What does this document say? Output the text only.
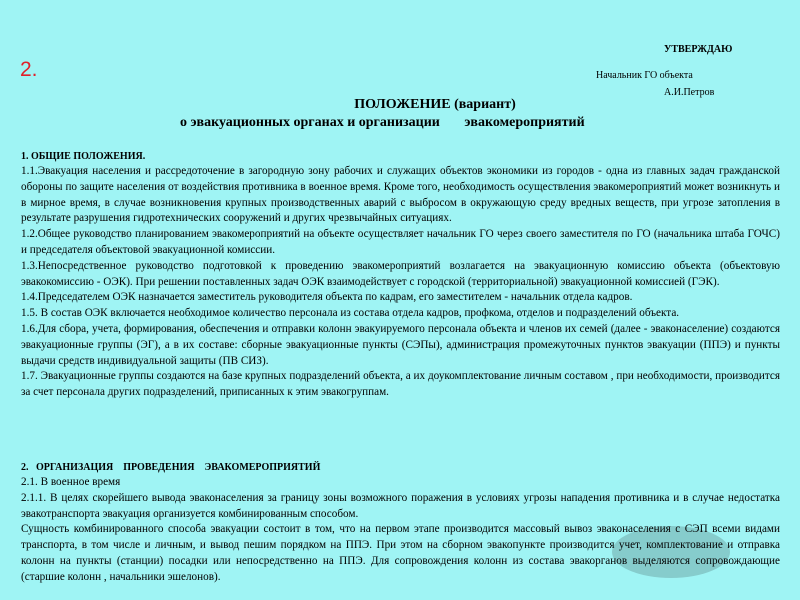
УТВЕРЖДАЮ
2.	Начальник ГО объекта
А.И.Петров
ПОЛОЖЕНИЕ (вариант)
о эвакуационных органах и организации       эвакомероприятий
1. ОБЩИЕ ПОЛОЖЕНИЯ.

1.1.Эвакуация населения и рассредоточение в загородную зону рабочих и служащих объектов экономики из городов - одна из главных задач гражданской обороны по защите населения от воздействия противника в военное время. Кроме того, необходимость осуществления эвакомероприятий может возникнуть и в мирное время, в случае возникновения крупных производственных аварий с выбросом в окружающую среду вредных веществ, при угрозе затопления в результате разрушения гидротехнических сооружений и других чрезвычайных ситуациях.

1.2.Общее руководство планированием эвакомероприятий на объекте осуществляет начальник ГО через своего заместителя по ГО (начальника штаба ГОЧС) и председателя объектовой эвакуационной комиссии.

1.3.Непосредственное руководство подготовкой к проведению эвакомероприятий возлагается на эвакуационную комиссию объекта (объектовую эвакокомиссию - ОЭК). При решении поставленных задач ОЭК взаимодействует с городской (территориальной) эвакуационной комиссией (ГЭК).

1.4.Председателем ОЭК назначается заместитель руководителя объекта по кадрам, его заместителем - начальник отдела кадров.

1.5. В состав ОЭК включается необходимое количество персонала из состава отдела кадров, профкома, отделов и подразделений объекта.

1.6.Для сбора, учета, формирования, обеспечения и отправки колонн эвакуируемого персонала объекта и членов их семей (далее - эваконаселение) создаются эвакуационные группы (ЭГ), а в их составе: сборные эвакуационные пункты (СЭПы), администрация промежуточных пунктов эвакуации (ППЭ) и пункты выдачи средств индивидуальной защиты (ПВ СИЗ).

1.7. Эвакуационные группы создаются на базе крупных подразделений объекта, а их доукомплектование личным составом , при необходимости, производится за счет персонала других подразделений, приписанных к этим эвакогруппам.

2.   ОРГАНИЗАЦИЯ    ПРОВЕДЕНИЯ    ЭВАКОМЕРОПРИЯТИЙ

2.1. В военное время

2.1.1. В целях скорейшего вывода эваконаселения за границу зоны возможного поражения в условиях угрозы нападения противника и в случае недостатка эвакотранспорта эвакуация организуется комбинированным способом.

Сущность комбинированного способа эвакуации состоит в том, что на первом этапе производится массовый вывоз эваконаселения с СЭП всеми видами транспорта, в том числе и личным, и вывод пешим порядком на ППЭ. При этом на сборном эвакопункте производится учет, комплектование и отправка колонн на пункты (станции) посадки или непосредственно на ППЭ. Для сопровождения колонн из состава эвакорганов выделяются сопровождающие (старшие колонн , начальники эшелонов).
